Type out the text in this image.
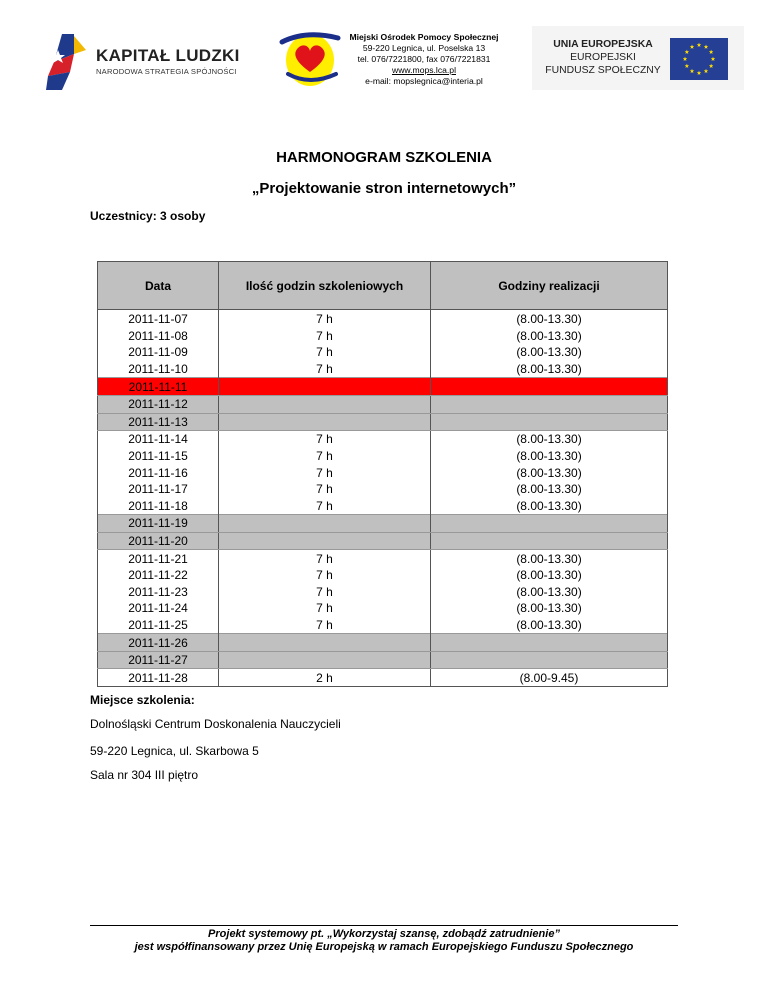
KAPITAŁ LUDZKI
NARODOWA STRATEGIA SPÓJNOŚCI
Miejski Ośrodek Pomocy Społecznej
59-220 Legnica, ul. Poselska 13
tel. 076/7221800, fax 076/7221831
www.mops.lca.pl
e-mail: mopslegnica@interia.pl
UNIA EUROPEJSKA
EUROPEJSKI
FUNDUSZ SPOŁECZNY
HARMONOGRAM SZKOLENIA
„Projektowanie stron internetowych”
Uczestnicy: 3 osoby
Data	Ilość godzin szkoleniowych	Godziny realizacji
2011-11-07	7 h	(8.00-13.30)
2011-11-08	7 h	(8.00-13.30)
2011-11-09	7 h	(8.00-13.30)
2011-11-10	7 h	(8.00-13.30)
2011-11-11		
2011-11-12		
2011-11-13		
2011-11-14	7 h	(8.00-13.30)
2011-11-15	7 h	(8.00-13.30)
2011-11-16	7 h	(8.00-13.30)
2011-11-17	7 h	(8.00-13.30)
2011-11-18	7 h	(8.00-13.30)
2011-11-19		
2011-11-20		
2011-11-21	7 h	(8.00-13.30)
2011-11-22	7 h	(8.00-13.30)
2011-11-23	7 h	(8.00-13.30)
2011-11-24	7 h	(8.00-13.30)
2011-11-25	7 h	(8.00-13.30)
2011-11-26		
2011-11-27		
2011-11-28	2 h	(8.00-9.45)
Miejsce szkolenia:
Dolnośląski Centrum Doskonalenia Nauczycieli
59-220 Legnica, ul. Skarbowa 5
Sala nr 304 III piętro
Projekt systemowy pt. „Wykorzystaj szansę, zdobądź zatrudnienie”
jest współfinansowany przez Unię Europejską w ramach Europejskiego Funduszu Społecznego
